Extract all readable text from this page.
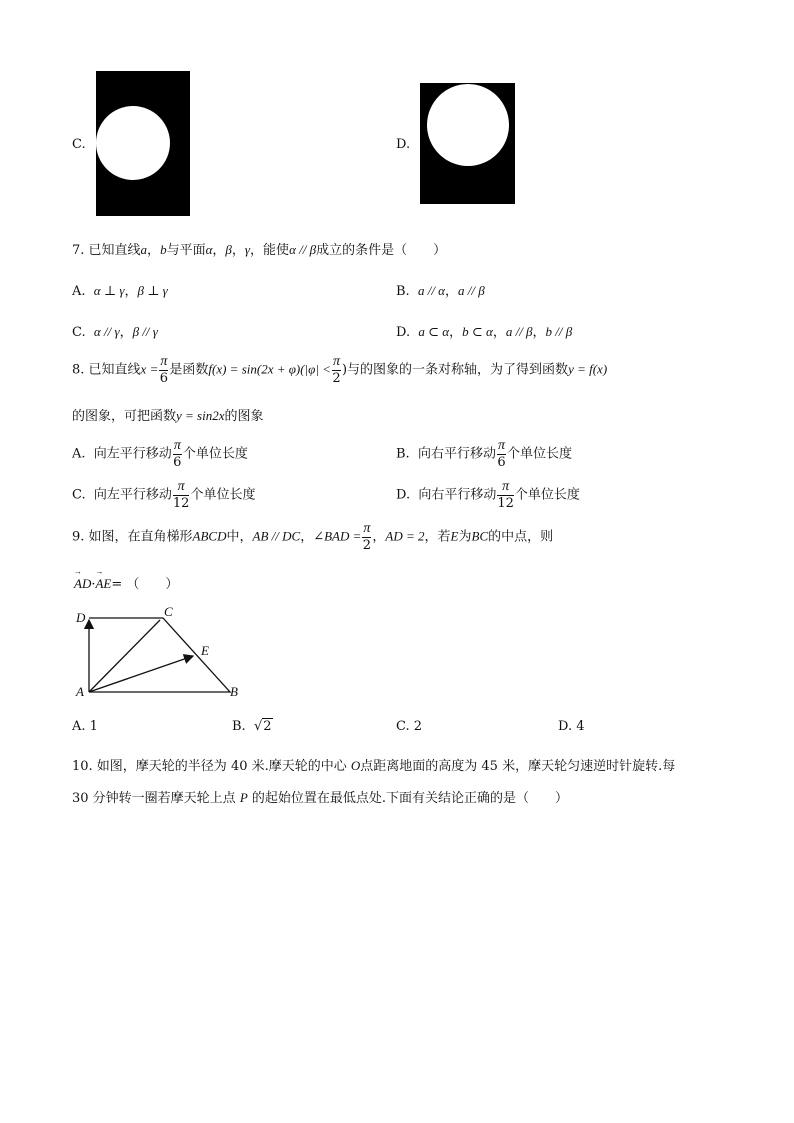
C.	D.
7. 已知直线a，b与平面α，β，γ，能使α // β成立的条件是（　　）
A. α ⊥ γ，β ⊥ γ	B. a // α，a // β
C. α // γ，β // γ	D. a ⊂ α，b ⊂ α，a // β，b // β
8. 已知直线$x = \frac{\pi}{6}$ 是函数$f(x) = \sin(2x + \varphi)(|\varphi| < \frac{\pi}{2}$ )与的图象的一条对称轴，为了得到函数y = f(x)
的图象，可把函数y = sin2x的图象
A. 向左平行移动 $\frac{\pi}{6}$ 个单位长度	B. 向右平行移动 $\frac{\pi}{6}$ 个单位长度
C. 向左平行移动 $\frac{\pi}{12}$ 个单位长度	D. 向右平行移动 $\frac{\pi}{12}$ 个单位长度
9. 如图，在直角梯形ABCD中，AB // DC，∠BAD = $\frac{\pi}{2}$ ，AD = 2，若E为BC的中点，则
→
AD·
→
AE= （　　）
D	C
E
A	B
A. 1	B. √2	C. 2	D. 4
10. 如图，摩天轮的半径为 40 米.摩天轮的中心 O点距离地面的高度为 45 米，摩天轮匀速逆时针旋转.每
30 分钟转一圈若摩天轮上点 P 的起始位置在最低点处.下面有关结论正确的是（　　）
